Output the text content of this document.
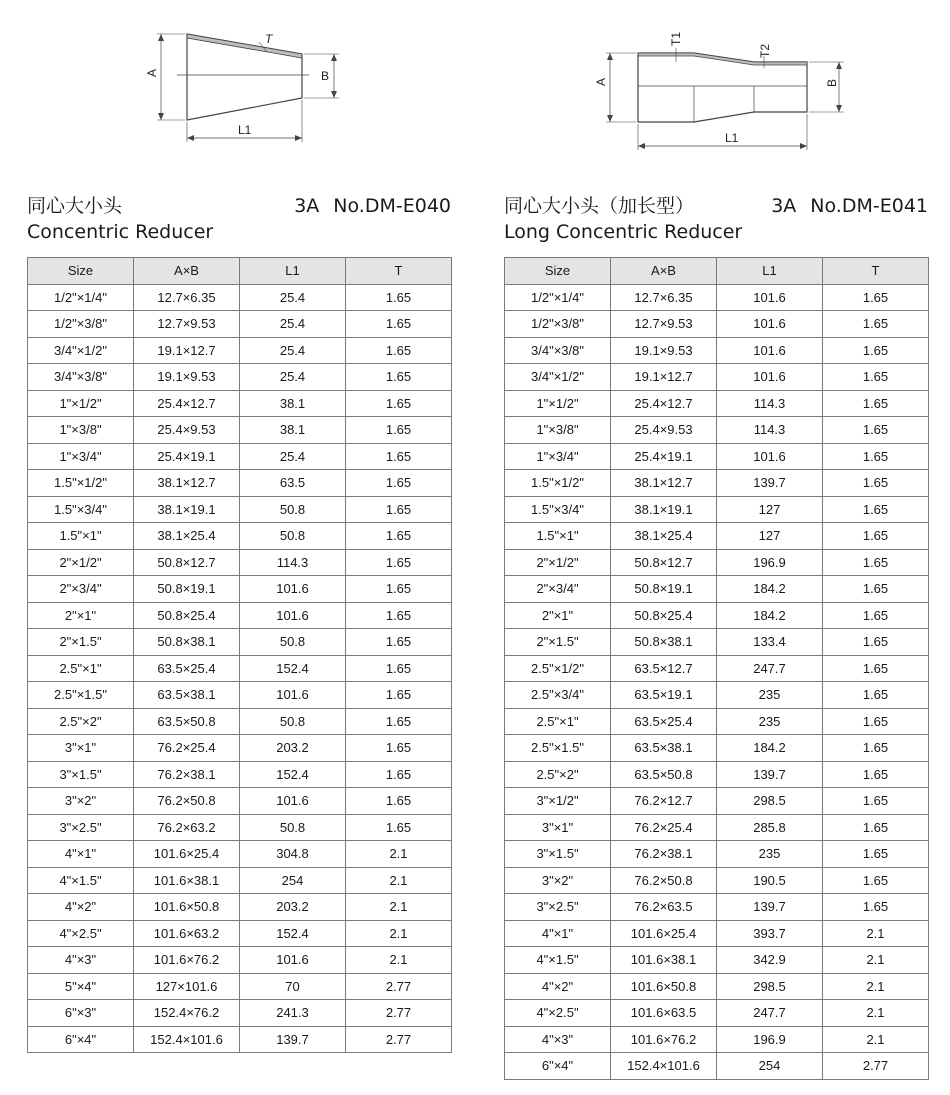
A	B
L1
T
同心大小头	3A No.DM-E040
Concentric Reducer
Size	A×B	L1	T
1/2"×1/4"	12.7×6.35	25.4	1.65
1/2"×3/8"	12.7×9.53	25.4	1.65
3/4"×1/2"	19.1×12.7	25.4	1.65
3/4"×3/8"	19.1×9.53	25.4	1.65
1"×1/2"	25.4×12.7	38.1	1.65
1"×3/8"	25.4×9.53	38.1	1.65
1"×3/4"	25.4×19.1	25.4	1.65
1.5"×1/2"	38.1×12.7	63.5	1.65
1.5"×3/4"	38.1×19.1	50.8	1.65
1.5"×1"	38.1×25.4	50.8	1.65
2"×1/2"	50.8×12.7	114.3	1.65
2"×3/4"	50.8×19.1	101.6	1.65
2"×1"	50.8×25.4	101.6	1.65
2"×1.5"	50.8×38.1	50.8	1.65
2.5"×1"	63.5×25.4	152.4	1.65
2.5"×1.5"	63.5×38.1	101.6	1.65
2.5"×2"	63.5×50.8	50.8	1.65
3"×1"	76.2×25.4	203.2	1.65
3"×1.5"	76.2×38.1	152.4	1.65
3"×2"	76.2×50.8	101.6	1.65
3"×2.5"	76.2×63.2	50.8	1.65
4"×1"	101.6×25.4	304.8	2.1
4"×1.5"	101.6×38.1	254	2.1
4"×2"	101.6×50.8	203.2	2.1
4"×2.5"	101.6×63.2	152.4	2.1
4"×3"	101.6×76.2	101.6	2.1
5"×4"	127×101.6	70	2.77
6"×3"	152.4×76.2	241.3	2.77
6"×4"	152.4×101.6	139.7	2.77
A	B
L1
T1
T2
同心大小头（加长型）	3A No.DM-E041
Long Concentric Reducer
Size	A×B	L1	T
1/2"×1/4"	12.7×6.35	101.6	1.65
1/2"×3/8"	12.7×9.53	101.6	1.65
3/4"×3/8"	19.1×9.53	101.6	1.65
3/4"×1/2"	19.1×12.7	101.6	1.65
1"×1/2"	25.4×12.7	114.3	1.65
1"×3/8"	25.4×9.53	114.3	1.65
1"×3/4"	25.4×19.1	101.6	1.65
1.5"×1/2"	38.1×12.7	139.7	1.65
1.5"×3/4"	38.1×19.1	127	1.65
1.5"×1"	38.1×25.4	127	1.65
2"×1/2"	50.8×12.7	196.9	1.65
2"×3/4"	50.8×19.1	184.2	1.65
2"×1"	50.8×25.4	184.2	1.65
2"×1.5"	50.8×38.1	133.4	1.65
2.5"×1/2"	63.5×12.7	247.7	1.65
2.5"×3/4"	63.5×19.1	235	1.65
2.5"×1"	63.5×25.4	235	1.65
2.5"×1.5"	63.5×38.1	184.2	1.65
2.5"×2"	63.5×50.8	139.7	1.65
3"×1/2"	76.2×12.7	298.5	1.65
3"×1"	76.2×25.4	285.8	1.65
3"×1.5"	76.2×38.1	235	1.65
3"×2"	76.2×50.8	190.5	1.65
3"×2.5"	76.2×63.5	139.7	1.65
4"×1"	101.6×25.4	393.7	2.1
4"×1.5"	101.6×38.1	342.9	2.1
4"×2"	101.6×50.8	298.5	2.1
4"×2.5"	101.6×63.5	247.7	2.1
4"×3"	101.6×76.2	196.9	2.1
6"×4"	152.4×101.6	254	2.77
